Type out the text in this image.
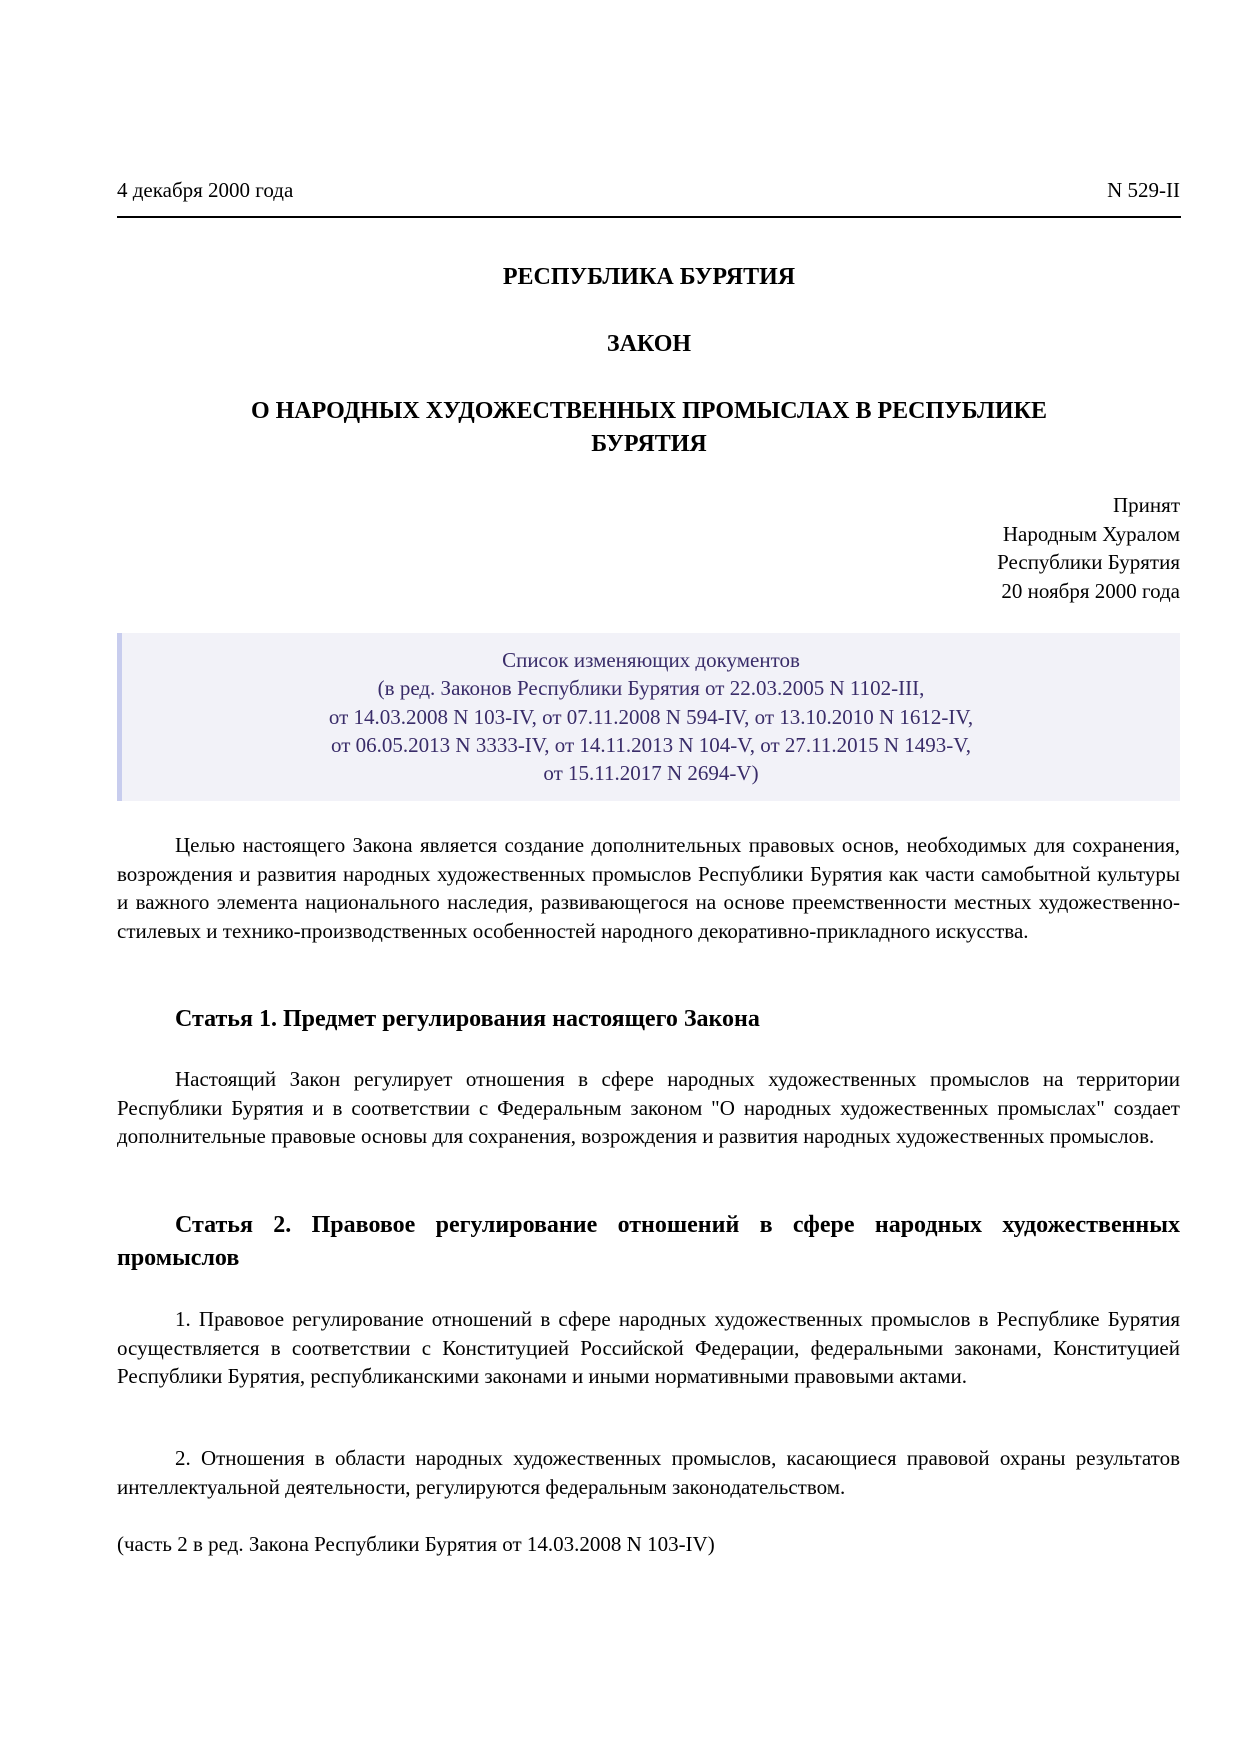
4 декабря 2000 года	N 529-II
РЕСПУБЛИКА БУРЯТИЯ
ЗАКОН
О НАРОДНЫХ ХУДОЖЕСТВЕННЫХ ПРОМЫСЛАХ В РЕСПУБЛИКЕ
БУРЯТИЯ
Принят
Народным Хуралом
Республики Бурятия
20 ноября 2000 года
Список изменяющих документов
(в ред. Законов Республики Бурятия от 22.03.2005 N 1102-III,
от 14.03.2008 N 103-IV, от 07.11.2008 N 594-IV, от 13.10.2010 N 1612-IV,
от 06.05.2013 N 3333-IV, от 14.11.2013 N 104-V, от 27.11.2015 N 1493-V,
от 15.11.2017 N 2694-V)
Целью настоящего Закона является создание дополнительных правовых основ, необходимых для сохранения, возрождения и развития народных художественных промыслов Республики Бурятия как части самобытной культуры и важного элемента национального наследия, развивающегося на основе преемственности местных художественно-стилевых и технико-производственных особенностей народного декоративно-прикладного искусства.
Статья 1. Предмет регулирования настоящего Закона
Настоящий Закон регулирует отношения в сфере народных художественных промыслов на территории Республики Бурятия и в соответствии с Федеральным законом "О народных художественных промыслах" создает дополнительные правовые основы для сохранения, возрождения и развития народных художественных промыслов.
Статья 2. Правовое регулирование отношений в сфере народных художественных промыслов
1. Правовое регулирование отношений в сфере народных художественных промыслов в Республике Бурятия осуществляется в соответствии с Конституцией Российской Федерации, федеральными законами, Конституцией Республики Бурятия, республиканскими законами и иными нормативными правовыми актами.
2. Отношения в области народных художественных промыслов, касающиеся правовой охраны результатов интеллектуальной деятельности, регулируются федеральным законодательством.
(часть 2 в ред. Закона Республики Бурятия от 14.03.2008 N 103-IV)
